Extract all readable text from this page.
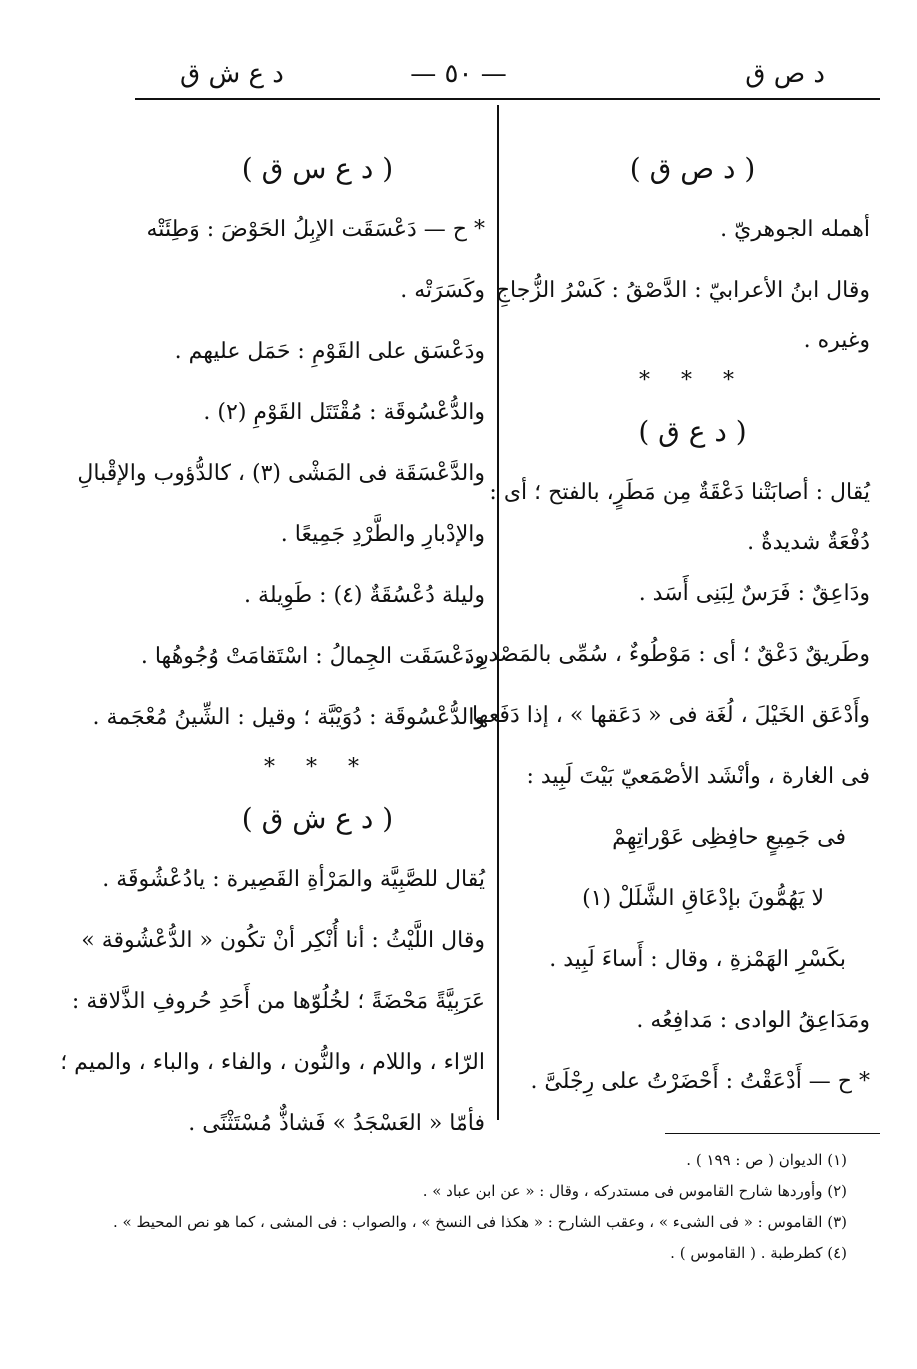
د ص ق
— ٥٠ —
د ع ش ق
( د ص ق )
أهمله الجوهريّ .
وقال ابنُ الأعرابيّ : الدَّصْقُ : كَسْرُ الزُّجاجِ
وغيره .
* * *
( د ع ق )
يُقال : أصابَتْنا دَعْقَةٌ مِن مَطَرٍ، بالفتح ؛ أى :
دُفْعَةٌ شديدةٌ .
ودَاعِقٌ : فَرَسٌ لِبَنِى أَسَد .
وطَريقٌ دَعْقٌ ؛ أى : مَوْطُوءٌ ، سُمِّى بالمَصْدرِ .
وأَدْعَق الخَيْلَ ، لُغَة فى « دَعَقها » ، إذا دَفَعها
فى الغارة ، وأنْشَد الأصْمَعيّ بَيْتَ لَبِيد :
فى جَمِيعٍ حافِظِى عَوْراتِهِمْ
لا يَهُمُّونَ بإدْعَاقِ الشَّلَلْ (١)
بكَسْرِ الهَمْزةِ ، وقال : أَساءَ لَبِيد .
ومَدَاعِقُ الوادى : مَدافِعُه .
* ح — أَدْعَقْتُ : أَحْضَرْتُ على رِجْلَىَّ .
( د ع س ق )
* ح — دَعْسَقَت الإبِلُ الحَوْضَ : وَطِئَتْه
وكَسَرَتْه .
ودَعْسَق على القَوْمِ : حَمَل عليهم .
والدُّعْسُوقَة : مُقْتَتَل القَوْمِ (٢) .
والدَّعْسَقَة فى المَشْى (٣) ، كالدُّؤوب والإقْبالِ
والإدْبارِ والطَّرْدِ جَمِيعًا .
وليلة دُعْسُقَةٌ (٤) : طَوِيلة .
ودَعْسَقَت الجِمالُ : اسْتَقامَتْ وُجُوهُها .
والدُّعْسُوقَة : دُوَيْبَّة ؛ وقيل : الشِّينُ مُعْجَمة .
* * *
( د ع ش ق )
يُقال للصَّبِيَّة والمَرْأةِ القَصِيرة : يادُعْشُوقَة .
وقال اللَّيْثُ : أنا أُنْكِر أنْ تكُون « الدُّعْشُوقة »
عَرَبِيَّةً مَحْضَةً ؛ لخُلُوّها من أَحَدِ حُروفِ الذَّلاقة :
الرّاء ، واللام ، والنُّون ، والفاء ، والباء ، والميم ؛
فأمّا « العَسْجَدُ » فَشاذٌّ مُسْتَثْنًى .
(١) الديوان ( ص : ١٩٩ ) .
(٢) وأوردها شارح القاموس فى مستدركه ، وقال : « عن ابن عباد » .
(٣) القاموس : « فى الشىء » ، وعقب الشارح : « هكذا فى النسخ » ، والصواب : فى المشى ، كما هو نص المحيط » .
(٤) كطرطبة . ( القاموس ) .
